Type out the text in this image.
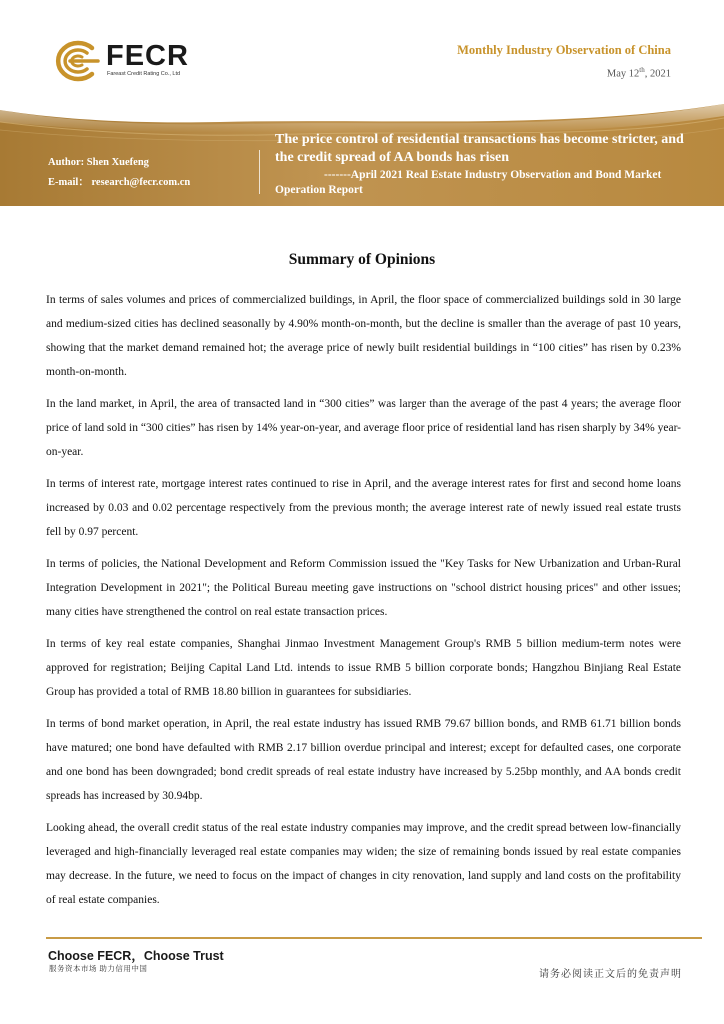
FECR
Fareast Credit Rating Co., Ltd
Monthly Industry Observation of China
May 12th, 2021
Author: Shen Xuefeng
E-mail： research@fecr.com.cn
The price control of residential transactions has become stricter, and the credit spread of AA bonds has risen
-------April 2021 Real Estate Industry Observation and Bond Market Operation Report
Summary of Opinions

In terms of sales volumes and prices of commercialized buildings, in April, the floor space of commercialized buildings sold in 30 large and medium-sized cities has declined seasonally by 4.90% month-on-month, but the decline is smaller than the average of past 10 years, showing that the market demand remained hot; the average price of newly built residential buildings in “100 cities” has risen by 0.23% month-on-month.

In the land market, in April, the area of transacted land in “300 cities” was larger than the average of the past 4 years; the average floor price of land sold in “300 cities” has risen by 14% year-on-year, and average floor price of residential land has risen sharply by 34% year-on-year.

In terms of interest rate, mortgage interest rates continued to rise in April, and the average interest rates for first and second home loans increased by 0.03 and 0.02 percentage respectively from the previous month; the average interest rate of newly issued real estate trusts fell by 0.97 percent.

In terms of policies, the National Development and Reform Commission issued the "Key Tasks for New Urbanization and Urban-Rural Integration Development in 2021"; the Political Bureau meeting gave instructions on "school district housing prices" and other issues; many cities have strengthened the control on real estate transaction prices.

In terms of key real estate companies, Shanghai Jinmao Investment Management Group's RMB 5 billion medium-term notes were approved for registration; Beijing Capital Land Ltd. intends to issue RMB 5 billion corporate bonds; Hangzhou Binjiang Real Estate Group has provided a total of RMB 18.80 billion in guarantees for subsidiaries.

In terms of bond market operation, in April, the real estate industry has issued RMB 79.67 billion bonds, and RMB 61.71 billion bonds have matured; one bond have defaulted with RMB 2.17 billion overdue principal and interest; except for defaulted cases, one corporate and one bond has been downgraded; bond credit spreads of real estate industry have increased by 5.25bp monthly, and AA bonds credit spreads has increased by 30.94bp.

Looking ahead, the overall credit status of the real estate industry companies may improve, and the credit spread between low-financially leveraged and high-financially leveraged real estate companies may widen; the size of remaining bonds issued by real estate companies may decrease. In the future, we need to focus on the impact of changes in city renovation, land supply and land costs on the profitability of real estate companies.

Choose FECR，Choose Trust
服务资本市场 助力信用中国
请务必阅读正文后的免责声明
